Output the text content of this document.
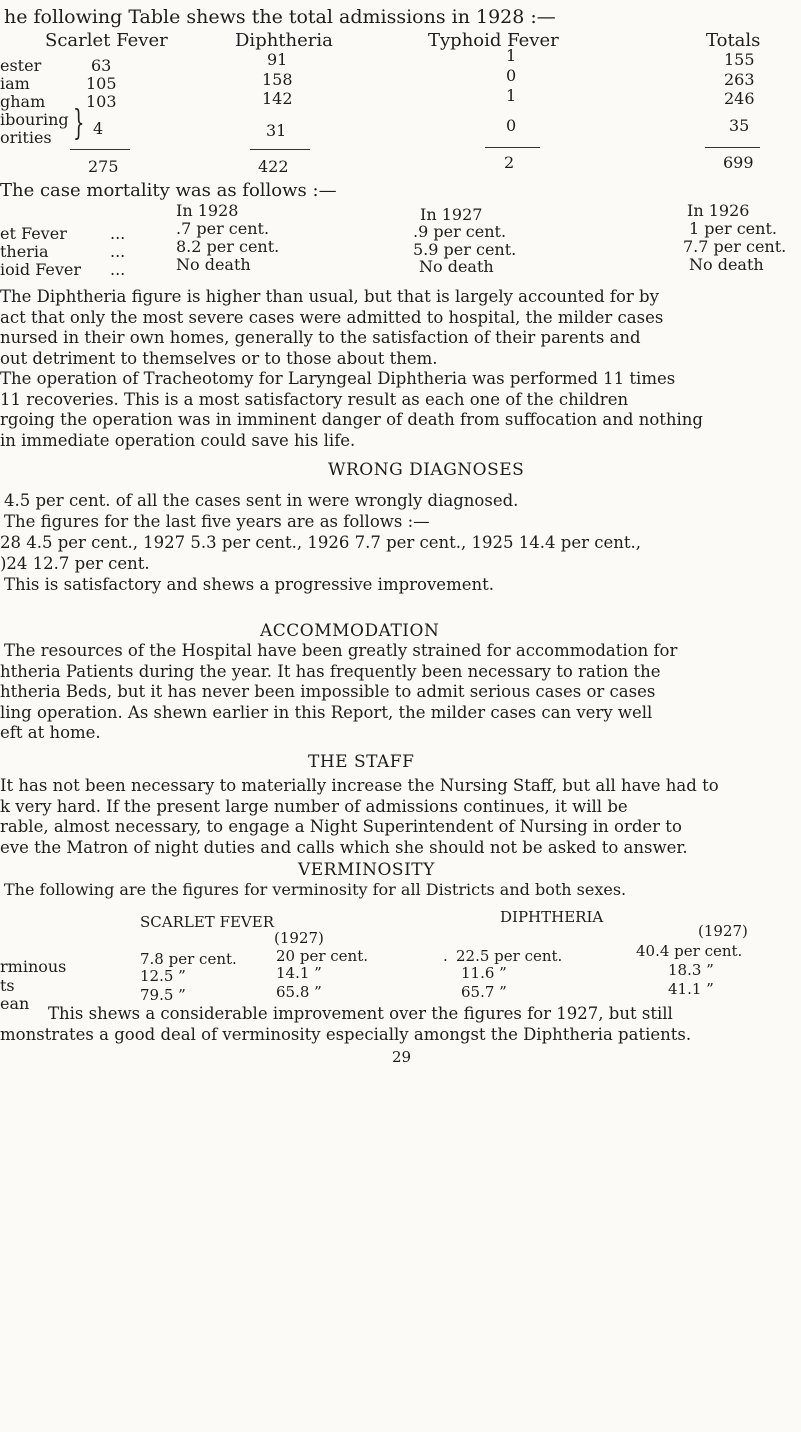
he following Table shews the total admissions in 1928 :—
Scarlet Fever	Diphtheria	Typhoid Fever	Totals
ester	63	91	1	155
iam	105	158	0	263
gham	103	142	1	246
ibouring
orities } 4	31	0	35
275	422	2	699
The case mortality was as follows :—
In 1928	In 1927	In 1926
et Fever	...	.7 per cent.	.9 per cent.	1 per cent.
theria	...	8.2 per cent.	5.9 per cent.	7.7 per cent.
ioid Fever ...	No death	No death	No death
The Diphtheria figure is higher than usual, but that is largely accounted for by
act that only the most severe cases were admitted to hospital, the milder cases
nursed in their own homes, generally to the satisfaction of their parents and
out detriment to themselves or to those about them.
The operation of Tracheotomy for Laryngeal Diphtheria was performed 11 times
11 recoveries. This is a most satisfactory result as each one of the children
rgoing the operation was in imminent danger of death from suffocation and nothing
in immediate operation could save his life.
WRONG DIAGNOSES
4.5 per cent. of all the cases sent in were wrongly diagnosed.
The figures for the last five years are as follows :—
28 4.5 per cent., 1927 5.3 per cent., 1926 7.7 per cent., 1925 14.4 per cent.,
)24 12.7 per cent.
This is satisfactory and shews a progressive improvement.
ACCOMMODATION
The resources of the Hospital have been greatly strained for accommodation for
htheria Patients during the year. It has frequently been necessary to ration the
htheria Beds, but it has never been impossible to admit serious cases or cases
ling operation. As shewn earlier in this Report, the milder cases can very well
eft at home.
THE STAFF
It has not been necessary to materially increase the Nursing Staff, but all have had to
k very hard. If the present large number of admissions continues, it will be
rable, almost necessary, to engage a Night Superintendent of Nursing in order to
eve the Matron of night duties and calls which she should not be asked to answer.
VERMINOSITY
The following are the figures for verminosity for all Districts and both sexes.
SCARLET FEVER	DIPHTHERIA
(1927)	(1927)
rminous	7.8 per cent.	20 per cent.	· 22.5 per cent.	40.4 per cent.
ts	12.5 ”	14.1 ”	11.6 ”	18.3 ”
ean	79.5 ”	65.8 ”	65.7 ”	41.1 ”
This shews a considerable improvement over the figures for 1927, but still
monstrates a good deal of verminosity especially amongst the Diphtheria patients.
29
